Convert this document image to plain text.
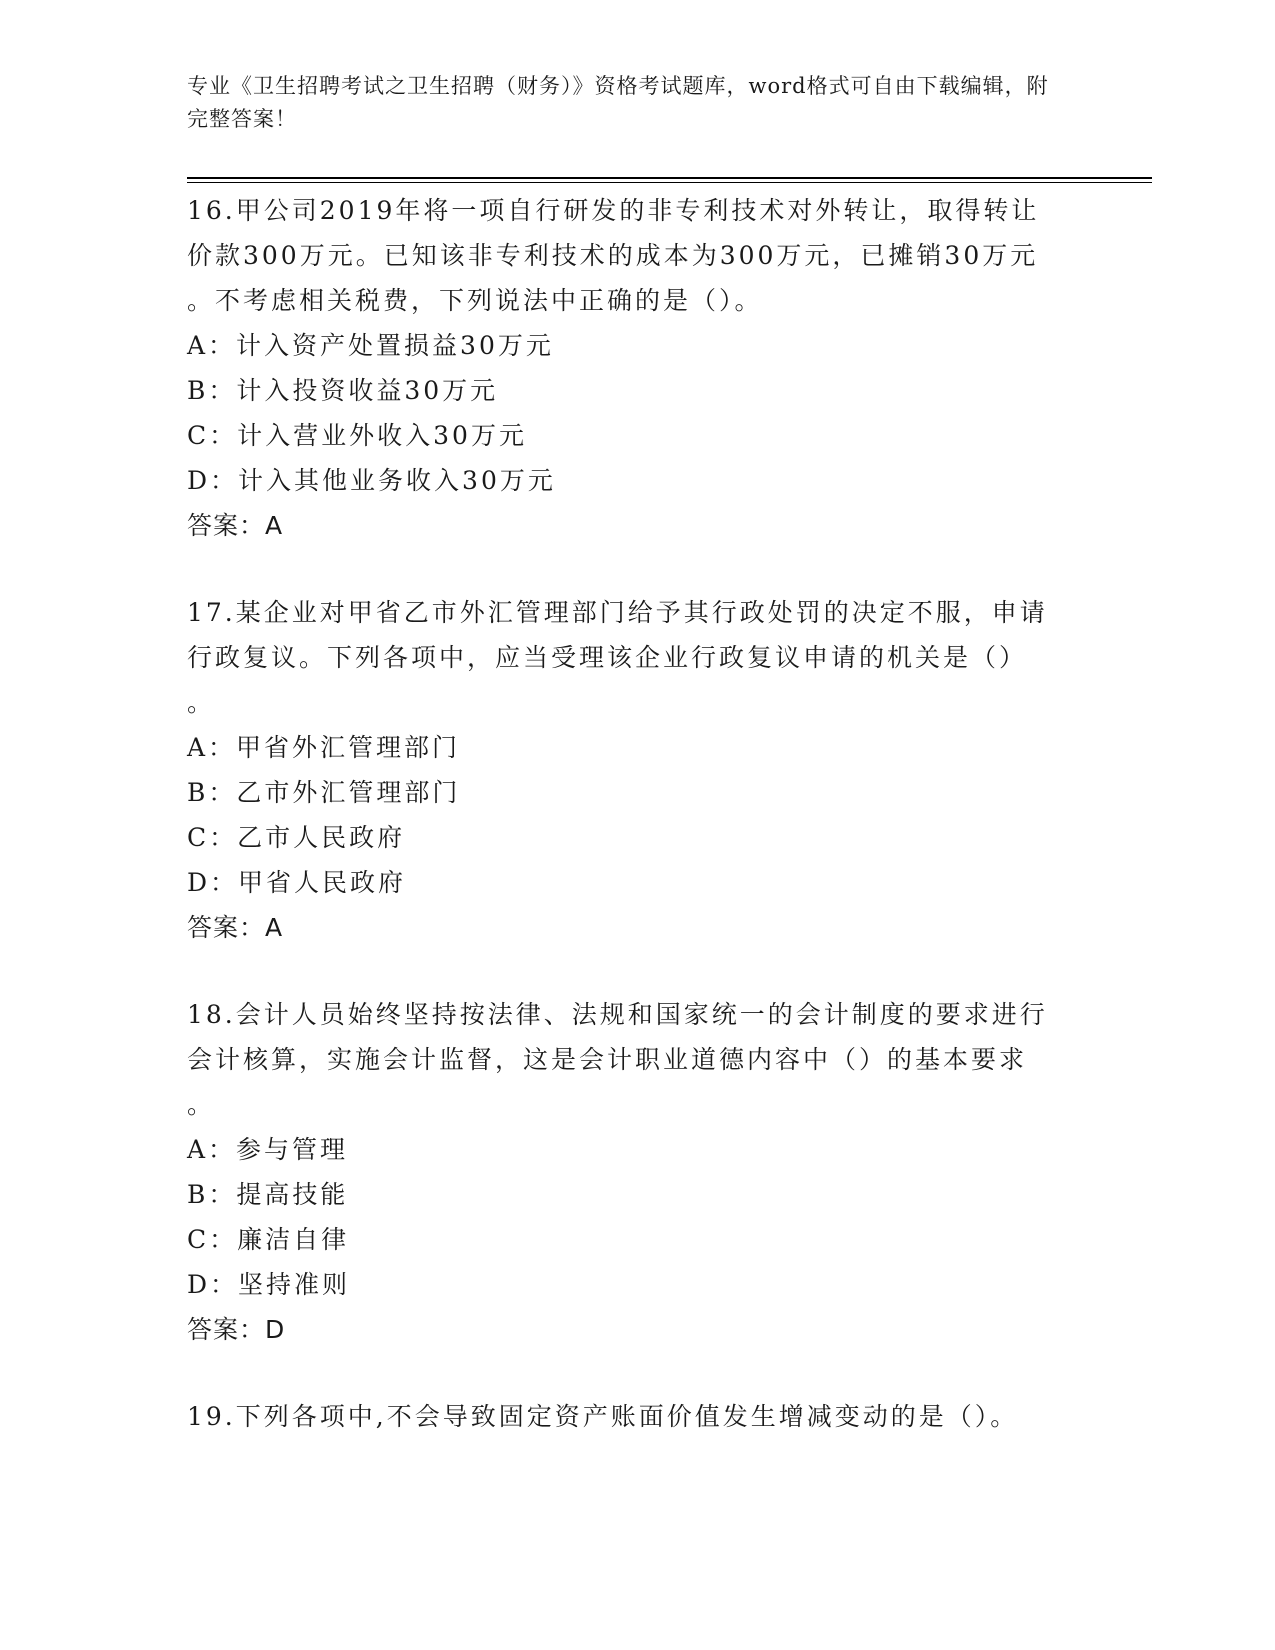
专业《卫生招聘考试之卫生招聘（财务）》资格考试题库，word格式可自由下载编辑，附完整答案！

16.甲公司2019年将一项自行研发的非专利技术对外转让，取得转让
价款300万元。已知该非专利技术的成本为300万元，已摊销30万元
。不考虑相关税费，下列说法中正确的是（）。

A：计入资产处置损益30万元

B：计入投资收益30万元

C：计入营业外收入30万元

D：计入其他业务收入30万元

答案：A

17.某企业对甲省乙市外汇管理部门给予其行政处罚的决定不服，申请
行政复议。下列各项中，应当受理该企业行政复议申请的机关是（）
。

A：甲省外汇管理部门

B：乙市外汇管理部门

C：乙市人民政府

D：甲省人民政府

答案：A

18.会计人员始终坚持按法律、法规和国家统一的会计制度的要求进行
会计核算，实施会计监督，这是会计职业道德内容中（）的基本要求
。

A：参与管理

B：提高技能

C：廉洁自律

D：坚持准则

答案：D

19.下列各项中,不会导致固定资产账面价值发生增减变动的是（）。
